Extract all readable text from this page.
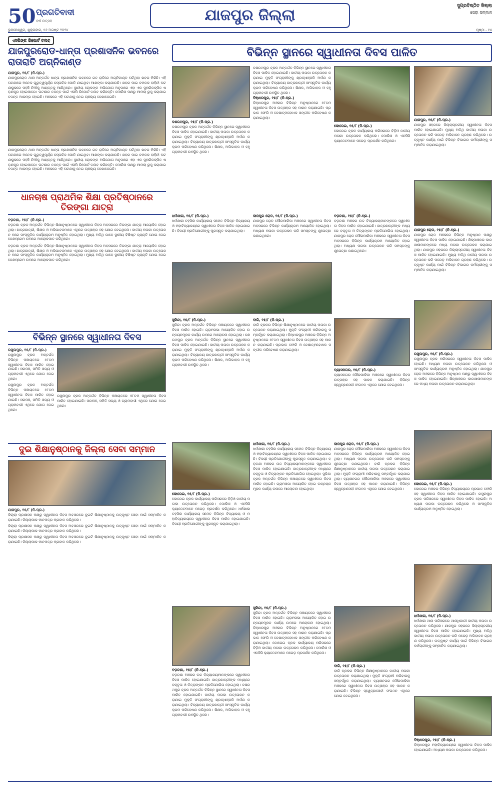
50 ପ୍ରଗତିବାଦୀ
ବର୍ଷ ଉତ୍ସବ	ଯାଜପୁର ଜିଲ୍ଲା	ସୁପ୍ରତିଷ୍ଠିତ ଜିଲ୍ଲା
ସେବା ସମ୍ମାନ
ଭୁବନେଶ୍ୱର, ଶୁକ୍ରବାର, ୧୬ ଅଗଷ୍ଟ ୨୦୨୪	ପୃଷ୍ଠା - ୧୪
ଏସପିଙ୍କ ରିପୋର୍ଟ ତଲବ
ଯାଜପୁରରୋଡ-ଧାନ୍ତା ପ୍ରଶାସନିକ ଭବନରେ ରାତାରାତି ଅଗ୍ନିକାଣ୍ଡ
ଯାଜପୁର, ୧୫/୮ (ନି.ପ୍ର.)

ଯାଜପୁରରୋଡ ଥାନା ଅନ୍ତର୍ଗତ ଧାନ୍ତା ପ୍ରଶାସନିକ ଭବନରେ ଗତ ରାତିରେ ଅଗ୍ନିକାଣ୍ଡ ଘଟିଥିବା ଖବର ମିଳିଛି। ଏହି ଘଟଣାରେ ଅନେକ ଗୁରୁତ୍ୱପୂର୍ଣ୍ଣ ଦସ୍ତାବିଜ ପୋଡି ଯାଇଥିବା ଆଶଙ୍କା କରାଯାଉଛି। ଖବର ପାଇ ଦମକଳ ବାହିନୀ ଘଟଣାସ୍ଥଳରେ ପହଞ୍ଚି ନିଆଁକୁ ଆୟତ୍ତକୁ ଆଣିଥିଲେ। ସ୍ଥାନୀୟ ଲୋକଙ୍କ ଅଭିଯୋଗ ଅନୁସାରେ ଏହା ଏକ ସୁପରିକଳ୍ପିତ ଷଡ଼ଯନ୍ତ୍ର ହୋଇପାରେ। ଘଟଣାର ତଦନ୍ତ ପାଇଁ ଏସପି ରିପୋର୍ଟ ତଲବ କରିଛନ୍ତି। ପୋଲିସ ପକ୍ଷରୁ ମାମଲା ରୁଜୁ କରାଯାଇ ତଦନ୍ତ ଆରମ୍ଭ ହୋଇଛି। ଅଞ୍ଚଳରେ ଏହି ଘଟଣାକୁ ନେଇ ଚାଞ୍ଚଲ୍ୟ ଦେଖାଦେଇଛି।

ଯାଜପୁରରୋଡ ଥାନା ଅନ୍ତର୍ଗତ ଧାନ୍ତା ପ୍ରଶାସନିକ ଭବନରେ ଗତ ରାତିରେ ଅଗ୍ନିକାଣ୍ଡ ଘଟିଥିବା ଖବର ମିଳିଛି। ଏହି ଘଟଣାରେ ଅନେକ ଗୁରୁତ୍ୱପୂର୍ଣ୍ଣ ଦସ୍ତାବିଜ ପୋଡି ଯାଇଥିବା ଆଶଙ୍କା କରାଯାଉଛି। ଖବର ପାଇ ଦମକଳ ବାହିନୀ ଘଟଣାସ୍ଥଳରେ ପହଞ୍ଚି ନିଆଁକୁ ଆୟତ୍ତକୁ ଆଣିଥିଲେ। ସ୍ଥାନୀୟ ଲୋକଙ୍କ ଅଭିଯୋଗ ଅନୁସାରେ ଏହା ଏକ ସୁପରିକଳ୍ପିତ ଷଡ଼ଯନ୍ତ୍ର ହୋଇପାରେ। ଘଟଣାର ତଦନ୍ତ ପାଇଁ ଏସପି ରିପୋର୍ଟ ତଲବ କରିଛନ୍ତି। ପୋଲିସ ପକ୍ଷରୁ ମାମଲା ରୁଜୁ କରାଯାଇ ତଦନ୍ତ ଆରମ୍ଭ ହୋଇଛି। ଅଞ୍ଚଳରେ ଏହି ଘଟଣାକୁ ନେଇ ଚାଞ୍ଚଲ୍ୟ ଦେଖାଦେଇଛି।

ଧାନଚାଷ ପ୍ରାଥମିକ ଶିକ୍ଷା ପ୍ରତିଷ୍ଠାନରେ ତିରଙ୍ଗା ଯାତ୍ରା
ବଡ଼ଚଣା, ୧୫/୮ (ନି.ପ୍ର.)

ବଡ଼ଚଣା ବ୍ଳକ ଅନ୍ତର୍ଗତ ବିଭିନ୍ନ ଶିକ୍ଷାନୁଷ୍ଠାନରେ ସ୍ୱାଧୀନତା ଦିବସ ଅବସରରେ ତିରଙ୍ଗା ଯାତ୍ରା ଆୟୋଜିତ ହୋଇଥିଲା। ଛାତ୍ରଛାତ୍ରୀ, ଶିକ୍ଷକ ଓ ଅଭିଭାବକମାନେ ଏଥିରେ ଉତ୍ସାହର ସହ ଯୋଗ ଦେଇଥିଲେ। ଜାତୀୟ ପତାକା ଉତ୍ତୋଳନ ପରେ ସାଂସ୍କୃତିକ କାର୍ଯ୍ୟକ୍ରମ ଅନୁଷ୍ଠିତ ହୋଇଥିଲା। ମୁଖ୍ୟ ଅତିଥି ଭାବେ ସ୍ଥାନୀୟ ବିଶିଷ୍ଟ ବ୍ୟକ୍ତି ଯୋଗ ଦେଇ ଦେଶପ୍ରେମ ଉପରେ ଆଲୋକପାତ କରିଥିଲେ।

ବଡ଼ଚଣା ବ୍ଳକ ଅନ୍ତର୍ଗତ ବିଭିନ୍ନ ଶିକ୍ଷାନୁଷ୍ଠାନରେ ସ୍ୱାଧୀନତା ଦିବସ ଅବସରରେ ତିରଙ୍ଗା ଯାତ୍ରା ଆୟୋଜିତ ହୋଇଥିଲା। ଛାତ୍ରଛାତ୍ରୀ, ଶିକ୍ଷକ ଓ ଅଭିଭାବକମାନେ ଏଥିରେ ଉତ୍ସାହର ସହ ଯୋଗ ଦେଇଥିଲେ। ଜାତୀୟ ପତାକା ଉତ୍ତୋଳନ ପରେ ସାଂସ୍କୃତିକ କାର୍ଯ୍ୟକ୍ରମ ଅନୁଷ୍ଠିତ ହୋଇଥିଲା। ମୁଖ୍ୟ ଅତିଥି ଭାବେ ସ୍ଥାନୀୟ ବିଶିଷ୍ଟ ବ୍ୟକ୍ତି ଯୋଗ ଦେଇ ଦେଶପ୍ରେମ ଉପରେ ଆଲୋକପାତ କରିଥିଲେ।

ବିଭିନ୍ନ ସ୍ଥାନରେ ସ୍ୱାଧୀନତା ଦିବସ
ରସୁଲପୁର, ୧୫/୮ (ନି.ପ୍ର.)

ରସୁଲପୁର ବ୍ଳକ ଅନ୍ତର୍ଗତ ବିଭିନ୍ନ ପଞ୍ଚାୟତରେ ୭୮ତମ ସ୍ୱାଧୀନତା ଦିବସ ପାଳିତ ହୋଇଯାଇଛି। ସରପଞ୍ଚ, ସମିତି ସଭ୍ୟ ଓ ଗ୍ରାମବାସୀ ଏଥିରେ ଯୋଗ ଦେଇଥିଲେ।

ରସୁଲପୁର ବ୍ଳକ ଅନ୍ତର୍ଗତ ବିଭିନ୍ନ ପଞ୍ଚାୟତରେ ୭୮ତମ ସ୍ୱାଧୀନତା ଦିବସ ପାଳିତ ହୋଇଯାଇଛି। ସରପଞ୍ଚ, ସମିତି ସଭ୍ୟ ଓ ଗ୍ରାମବାସୀ ଏଥିରେ ଯୋଗ ଦେଇଥିଲେ।

ରସୁଲପୁର ବ୍ଳକ ଅନ୍ତର୍ଗତ ବିଭିନ୍ନ ପଞ୍ଚାୟତରେ ୭୮ତମ ସ୍ୱାଧୀନତା ଦିବସ ପାଳିତ ହୋଇଯାଇଛି। ସରପଞ୍ଚ, ସମିତି ସଭ୍ୟ ଓ ଗ୍ରାମବାସୀ ଏଥିରେ ଯୋଗ ଦେଇଥିଲେ।

ଦୁଇ ଶିକ୍ଷାନୁଷ୍ଠାନକୁ ଜିଲ୍ଲା ସେବା ସମ୍ମାନ
ଯାଜପୁର, ୧୫/୮ (ନି.ପ୍ର.)

ଜିଲ୍ଲା ପ୍ରଶାସନ ପକ୍ଷରୁ ସ୍ୱାଧୀନତା ଦିବସ ଅବସରରେ ଦୁଇଟି ଶିକ୍ଷାନୁଷ୍ଠାନକୁ ଉତ୍କୃଷ୍ଟ ସେବା ପାଇଁ ସମ୍ମାନିତ କରାଯାଇଛି। ଜିଲ୍ଲାପାଳ ମାନପତ୍ର ପ୍ରଦାନ କରିଥିଲେ।

ଜିଲ୍ଲା ପ୍ରଶାସନ ପକ୍ଷରୁ ସ୍ୱାଧୀନତା ଦିବସ ଅବସରରେ ଦୁଇଟି ଶିକ୍ଷାନୁଷ୍ଠାନକୁ ଉତ୍କୃଷ୍ଟ ସେବା ପାଇଁ ସମ୍ମାନିତ କରାଯାଇଛି। ଜିଲ୍ଲାପାଳ ମାନପତ୍ର ପ୍ରଦାନ କରିଥିଲେ।

ଜିଲ୍ଲା ପ୍ରଶାସନ ପକ୍ଷରୁ ସ୍ୱାଧୀନତା ଦିବସ ଅବସରରେ ଦୁଇଟି ଶିକ୍ଷାନୁଷ୍ଠାନକୁ ଉତ୍କୃଷ୍ଟ ସେବା ପାଇଁ ସମ୍ମାନିତ କରାଯାଇଛି। ଜିଲ୍ଲାପାଳ ମାନପତ୍ର ପ୍ରଦାନ କରିଥିଲେ।

ବିଭିନ୍ନ ସ୍ଥାନରେ ସ୍ୱାଧୀନତା ଦିବସ ପାଳିତ
ଦଶରଥପୁର, ୧୫/୮ (ନି.ପ୍ର.)
ଦଶରଥପୁର ବ୍ଳକ ଅନ୍ତର୍ଗତ ବିଭିନ୍ନ ସ୍ଥାନରେ ସ୍ୱାଧୀନତା ଦିବସ ପାଳିତ ହୋଇଯାଇଛି। ଜାତୀୟ ପତାକା ଉତ୍ତୋଳନ କରାଯାଇ ମୁକ୍ତି ସଂଗ୍ରାମୀଙ୍କୁ ଶ୍ରଦ୍ଧାଞ୍ଜଳି ଅର୍ପଣ କରାଯାଇଥିଲା। ବିଦ୍ୟାଳୟ ଛାତ୍ରଛାତ୍ରୀ ସାଂସ୍କୃତିକ କାର୍ଯ୍ୟକ୍ରମ ପରିବେଷଣ କରିଥିଲେ। ଶିକ୍ଷକ, ଅଭିଭାବକ ଓ ବହୁ ଗ୍ରାମବାସୀ ଉପସ୍ଥିତ ଥିଲେ।
ଦଶରଥପୁର ବ୍ଳକ ଅନ୍ତର୍ଗତ ବିଭିନ୍ନ ସ୍ଥାନରେ ସ୍ୱାଧୀନତା ଦିବସ ପାଳିତ ହୋଇଯାଇଛି। ଜାତୀୟ ପତାକା ଉତ୍ତୋଳନ କରାଯାଇ ମୁକ୍ତି ସଂଗ୍ରାମୀଙ୍କୁ ଶ୍ରଦ୍ଧାଞ୍ଜଳି ଅର୍ପଣ କରାଯାଇଥିଲା। ବିଦ୍ୟାଳୟ ଛାତ୍ରଛାତ୍ରୀ ସାଂସ୍କୃତିକ କାର୍ଯ୍ୟକ୍ରମ ପରିବେଷଣ କରିଥିଲେ। ଶିକ୍ଷକ, ଅଭିଭାବକ ଓ ବହୁ ଗ୍ରାମବାସୀ ଉପସ୍ଥିତ ଥିଲେ।
ବିଞ୍ଝାରପୁର, ୧୫/୮ (ନି.ପ୍ର.)
ବିଞ୍ଝାରପୁର ଅଞ୍ଚଳର ବିଭିନ୍ନ ଅନୁଷ୍ଠାନରେ ୭୮ତମ ସ୍ୱାଧୀନତା ଦିବସ ଉତ୍ସାହର ସହ ପାଳନ କରାଯାଇଛି। ପ୍ରଭାତ ଫେରି ଓ ଦେଶାତ୍ମବୋଧକ ସଙ୍ଗୀତ ପରିବେଷଣ କରାଯାଇଥିଲା।
କୋରେଇ, ୧୫/୮ (ନି.ପ୍ର.)
କୋରେଇ ବ୍ଳକ କାର୍ଯ୍ୟାଳୟ ପରିସରରେ ବିଡ଼ିଓ ଜାତୀୟ ପତାକା ଉତ୍ତୋଳନ କରିଥିଲେ। ପୋଲିସ ଓ ଏନସିସି କ୍ୟାଡେଟମାନେ ପରେଡ଼ ପ୍ରଦର୍ଶନ କରିଥିଲେ।
ଧର୍ମଶାଳା, ୧୫/୮ (ନି.ପ୍ର.)
ଧର୍ମଶାଳା ତହସିଲ କାର୍ଯ୍ୟାଳୟ ସମେତ ବିଭିନ୍ନ ବିଦ୍ୟାଳୟ ଓ ମହାବିଦ୍ୟାଳୟରେ ସ୍ୱାଧୀନତା ଦିବସ ପାଳିତ ହୋଇଯାଇଛି। ବିଜୟୀ ପ୍ରତିଯୋଗୀଙ୍କୁ ପୁରସ୍କୃତ କରାଯାଇଥିଲା।
ଜାଜପୁର ରୋଡ, ୧୫/୮ (ନି.ପ୍ର.)
ଯାଜପୁର ରୋଡ ପୌରପାଳିକା ଅଞ୍ଚଳରେ ସ୍ୱାଧୀନତା ଦିବସ ଅବସରରେ ବିଭିନ୍ନ କାର୍ଯ୍ୟକ୍ରମ ଆୟୋଜିତ ହୋଇଥିଲା। ଅଧ୍ୟକ୍ଷ ପତାକା ଉତ୍ତୋଳନ କରି ସମସ୍ତଙ୍କୁ ଶୁଭେଚ୍ଛା ଜଣାଇଥିଲେ।
ବଡ଼ଚଣା, ୧୫/୮ (ନି.ପ୍ର.)
ବଡ଼ଚଣା ଅଞ୍ଚଳର ଉଚ୍ଚ ବିଦ୍ୟାଳୟମାନଙ୍କରେ ସ୍ୱାଧୀନତା ଦିବସ ପାଳିତ ହୋଇଯାଇଛି। ଛାତ୍ରଛାତ୍ରୀଙ୍କ ମଧ୍ୟରେ ବକ୍ତୃତା ଓ ଚିତ୍ରାଙ୍କନ ପ୍ରତିଯୋଗିତା ହୋଇଥିଲା। ଯାଜପୁର ରୋଡ ପୌରପାଳିକା ଅଞ୍ଚଳରେ ସ୍ୱାଧୀନତା ଦିବସ ଅବସରରେ ବିଭିନ୍ନ କାର୍ଯ୍ୟକ୍ରମ ଆୟୋଜିତ ହୋଇଥିଲା। ଅଧ୍ୟକ୍ଷ ପତାକା ଉତ୍ତୋଳନ କରି ସମସ୍ତଙ୍କୁ ଶୁଭେଚ୍ଛା ଜଣାଇଥିଲେ।
ସୁକିନ୍ଦା, ୧୫/୮ (ନି.ପ୍ର.)
ସୁକିନ୍ଦା ବ୍ଳକ ଅନ୍ତର୍ଗତ ବିଭିନ୍ନ ପଞ୍ଚାୟତରେ ସ୍ୱାଧୀନତା ଦିବସ ପାଳିତ ହୋଇଛି। ଗ୍ରାମସଭା ଆୟୋଜିତ ହୋଇ ଉନ୍ନୟନମୂଳକ କାର୍ଯ୍ୟ ଉପରେ ଆଲୋଚନା ହୋଇଥିଲା। ଦଶରଥପୁର ବ୍ଳକ ଅନ୍ତର୍ଗତ ବିଭିନ୍ନ ସ୍ଥାନରେ ସ୍ୱାଧୀନତା ଦିବସ ପାଳିତ ହୋଇଯାଇଛି। ଜାତୀୟ ପତାକା ଉତ୍ତୋଳନ କରାଯାଇ ମୁକ୍ତି ସଂଗ୍ରାମୀଙ୍କୁ ଶ୍ରଦ୍ଧାଞ୍ଜଳି ଅର୍ପଣ କରାଯାଇଥିଲା। ବିଦ୍ୟାଳୟ ଛାତ୍ରଛାତ୍ରୀ ସାଂସ୍କୃତିକ କାର୍ଯ୍ୟକ୍ରମ ପରିବେଷଣ କରିଥିଲେ। ଶିକ୍ଷକ, ଅଭିଭାବକ ଓ ବହୁ ଗ୍ରାମବାସୀ ଉପସ୍ଥିତ ଥିଲେ।
ବାରି, ୧୫/୮ (ନି.ପ୍ର.)
ବାରି ବ୍ଳକର ବିଭିନ୍ନ ଶିକ୍ଷାନୁଷ୍ଠାନରେ ଜାତୀୟ ପତାକା ଉତ୍ତୋଳନ କରାଯାଇଥିଲା। ମୁକ୍ତି ସଂଗ୍ରାମୀ ପରିବାରକୁ ସମ୍ବର୍ଦ୍ଧିତ କରାଯାଇଥିଲା। ବିଞ୍ଝାରପୁର ଅଞ୍ଚଳର ବିଭିନ୍ନ ଅନୁଷ୍ଠାନରେ ୭୮ତମ ସ୍ୱାଧୀନତା ଦିବସ ଉତ୍ସାହର ସହ ପାଳନ କରାଯାଇଛି। ପ୍ରଭାତ ଫେରି ଓ ଦେଶାତ୍ମବୋଧକ ସଙ୍ଗୀତ ପରିବେଷଣ କରାଯାଇଥିଲା।
ବ୍ୟାସନଗର, ୧୫/୮ (ନି.ପ୍ର.)
ବ୍ୟାସନଗର ପୌରପାଳିକା ଅଞ୍ଚଳରେ ସ୍ୱାଧୀନତା ଦିବସ ଉତ୍ସାହର ସହ ପାଳନ କରାଯାଇଛି। ବିଭିନ୍ନ ସ୍ୱେଚ୍ଛାସେବୀ ସଂଗଠନ ଏଥିରେ ଯୋଗ ଦେଇଥିଲେ।
କୋରେଇ, ୧୫/୮ (ନି.ପ୍ର.)
କୋରେଇ ବ୍ଳକ କାର୍ଯ୍ୟାଳୟ ପରିସରରେ ବିଡ଼ିଓ ଜାତୀୟ ପତାକା ଉତ୍ତୋଳନ କରିଥିଲେ। ପୋଲିସ ଓ ଏନସିସି କ୍ୟାଡେଟମାନେ ପରେଡ଼ ପ୍ରଦର୍ଶନ କରିଥିଲେ। ଧର୍ମଶାଳା ତହସିଲ କାର୍ଯ୍ୟାଳୟ ସମେତ ବିଭିନ୍ନ ବିଦ୍ୟାଳୟ ଓ ମହାବିଦ୍ୟାଳୟରେ ସ୍ୱାଧୀନତା ଦିବସ ପାଳିତ ହୋଇଯାଇଛି। ବିଜୟୀ ପ୍ରତିଯୋଗୀଙ୍କୁ ପୁରସ୍କୃତ କରାଯାଇଥିଲା।
ଧର୍ମଶାଳା, ୧୫/୮ (ନି.ପ୍ର.)
ଧର୍ମଶାଳା ତହସିଲ କାର୍ଯ୍ୟାଳୟ ସମେତ ବିଭିନ୍ନ ବିଦ୍ୟାଳୟ ଓ ମହାବିଦ୍ୟାଳୟରେ ସ୍ୱାଧୀନତା ଦିବସ ପାଳିତ ହୋଇଯାଇଛି। ବିଜୟୀ ପ୍ରତିଯୋଗୀଙ୍କୁ ପୁରସ୍କୃତ କରାଯାଇଥିଲା। ବଡ଼ଚଣା ଅଞ୍ଚଳର ଉଚ୍ଚ ବିଦ୍ୟାଳୟମାନଙ୍କରେ ସ୍ୱାଧୀନତା ଦିବସ ପାଳିତ ହୋଇଯାଇଛି। ଛାତ୍ରଛାତ୍ରୀଙ୍କ ମଧ୍ୟରେ ବକ୍ତୃତା ଓ ଚିତ୍ରାଙ୍କନ ପ୍ରତିଯୋଗିତା ହୋଇଥିଲା। ସୁକିନ୍ଦା ବ୍ଳକ ଅନ୍ତର୍ଗତ ବିଭିନ୍ନ ପଞ୍ଚାୟତରେ ସ୍ୱାଧୀନତା ଦିବସ ପାଳିତ ହୋଇଛି। ଗ୍ରାମସଭା ଆୟୋଜିତ ହୋଇ ଉନ୍ନୟନମୂଳକ କାର୍ଯ୍ୟ ଉପରେ ଆଲୋଚନା ହୋଇଥିଲା।
ଜାଜପୁର ରୋଡ, ୧୫/୮ (ନି.ପ୍ର.)
ଯାଜପୁର ରୋଡ ପୌରପାଳିକା ଅଞ୍ଚଳରେ ସ୍ୱାଧୀନତା ଦିବସ ଅବସରରେ ବିଭିନ୍ନ କାର୍ଯ୍ୟକ୍ରମ ଆୟୋଜିତ ହୋଇଥିଲା। ଅଧ୍ୟକ୍ଷ ପତାକା ଉତ୍ତୋଳନ କରି ସମସ୍ତଙ୍କୁ ଶୁଭେଚ୍ଛା ଜଣାଇଥିଲେ। ବାରି ବ୍ଳକର ବିଭିନ୍ନ ଶିକ୍ଷାନୁଷ୍ଠାନରେ ଜାତୀୟ ପତାକା ଉତ୍ତୋଳନ କରାଯାଇଥିଲା। ମୁକ୍ତି ସଂଗ୍ରାମୀ ପରିବାରକୁ ସମ୍ବର୍ଦ୍ଧିତ କରାଯାଇଥିଲା। ବ୍ୟାସନଗର ପୌରପାଳିକା ଅଞ୍ଚଳରେ ସ୍ୱାଧୀନତା ଦିବସ ଉତ୍ସାହର ସହ ପାଳନ କରାଯାଇଛି। ବିଭିନ୍ନ ସ୍ୱେଚ୍ଛାସେବୀ ସଂଗଠନ ଏଥିରେ ଯୋଗ ଦେଇଥିଲେ।
ବଡ଼ଚଣା, ୧୫/୮ (ନି.ପ୍ର.)
ବଡ଼ଚଣା ଅଞ୍ଚଳର ଉଚ୍ଚ ବିଦ୍ୟାଳୟମାନଙ୍କରେ ସ୍ୱାଧୀନତା ଦିବସ ପାଳିତ ହୋଇଯାଇଛି। ଛାତ୍ରଛାତ୍ରୀଙ୍କ ମଧ୍ୟରେ ବକ୍ତୃତା ଓ ଚିତ୍ରାଙ୍କନ ପ୍ରତିଯୋଗିତା ହୋଇଥିଲା। ଦଶରଥପୁର ବ୍ଳକ ଅନ୍ତର୍ଗତ ବିଭିନ୍ନ ସ୍ଥାନରେ ସ୍ୱାଧୀନତା ଦିବସ ପାଳିତ ହୋଇଯାଇଛି। ଜାତୀୟ ପତାକା ଉତ୍ତୋଳନ କରାଯାଇ ମୁକ୍ତି ସଂଗ୍ରାମୀଙ୍କୁ ଶ୍ରଦ୍ଧାଞ୍ଜଳି ଅର୍ପଣ କରାଯାଇଥିଲା। ବିଦ୍ୟାଳୟ ଛାତ୍ରଛାତ୍ରୀ ସାଂସ୍କୃତିକ କାର୍ଯ୍ୟକ୍ରମ ପରିବେଷଣ କରିଥିଲେ। ଶିକ୍ଷକ, ଅଭିଭାବକ ଓ ବହୁ ଗ୍ରାମବାସୀ ଉପସ୍ଥିତ ଥିଲେ।
ସୁକିନ୍ଦା, ୧୫/୮ (ନି.ପ୍ର.)
ସୁକିନ୍ଦା ବ୍ଳକ ଅନ୍ତର୍ଗତ ବିଭିନ୍ନ ପଞ୍ଚାୟତରେ ସ୍ୱାଧୀନତା ଦିବସ ପାଳିତ ହୋଇଛି। ଗ୍ରାମସଭା ଆୟୋଜିତ ହୋଇ ଉନ୍ନୟନମୂଳକ କାର୍ଯ୍ୟ ଉପରେ ଆଲୋଚନା ହୋଇଥିଲା। ବିଞ୍ଝାରପୁର ଅଞ୍ଚଳର ବିଭିନ୍ନ ଅନୁଷ୍ଠାନରେ ୭୮ତମ ସ୍ୱାଧୀନତା ଦିବସ ଉତ୍ସାହର ସହ ପାଳନ କରାଯାଇଛି। ପ୍ରଭାତ ଫେରି ଓ ଦେଶାତ୍ମବୋଧକ ସଙ୍ଗୀତ ପରିବେଷଣ କରାଯାଇଥିଲା। କୋରେଇ ବ୍ଳକ କାର୍ଯ୍ୟାଳୟ ପରିସରରେ ବିଡ଼ିଓ ଜାତୀୟ ପତାକା ଉତ୍ତୋଳନ କରିଥିଲେ। ପୋଲିସ ଓ ଏନସିସି କ୍ୟାଡେଟମାନେ ପରେଡ଼ ପ୍ରଦର୍ଶନ କରିଥିଲେ।
ବାରି, ୧୫/୮ (ନି.ପ୍ର.)
ବାରି ବ୍ଳକର ବିଭିନ୍ନ ଶିକ୍ଷାନୁଷ୍ଠାନରେ ଜାତୀୟ ପତାକା ଉତ୍ତୋଳନ କରାଯାଇଥିଲା। ମୁକ୍ତି ସଂଗ୍ରାମୀ ପରିବାରକୁ ସମ୍ବର୍ଦ୍ଧିତ କରାଯାଇଥିଲା। ବ୍ୟାସନଗର ପୌରପାଳିକା ଅଞ୍ଚଳରେ ସ୍ୱାଧୀନତା ଦିବସ ଉତ୍ସାହର ସହ ପାଳନ କରାଯାଇଛି। ବିଭିନ୍ନ ସ୍ୱେଚ୍ଛାସେବୀ ସଂଗଠନ ଏଥିରେ ଯୋଗ ଦେଇଥିଲେ।
ଯାଜପୁର, ୧୫/୮ (ନି.ପ୍ର.)
ଯାଜପୁର ସହରରେ ଜିଲ୍ଲାସ୍ତରୀୟ ସ୍ୱାଧୀନତା ଦିବସ ପାଳିତ ହୋଇଯାଇଛି। ମୁଖ୍ୟ ଅତିଥି ଜାତୀୟ ପତାକା ଉତ୍ତୋଳନ କରି ପରେଡ଼ ଅଭିବାଦନ ଗ୍ରହଣ କରିଥିଲେ। ଉତ୍କୃଷ୍ଟ କାର୍ଯ୍ୟ ପାଇଁ ବିଭିନ୍ନ ବିଭାଗର କର୍ମଚାରୀଙ୍କୁ ସମ୍ମାନିତ କରାଯାଇଥିଲା।
ଯାଜପୁର ରୋଡ, ୧୫/୮ (ନି.ପ୍ର.)
ଯାଜପୁର ରୋଡ ଅଞ୍ଚଳରେ ବିଭିନ୍ନ ଅନୁଷ୍ଠାନ ପକ୍ଷରୁ ସ୍ୱାଧୀନତା ଦିବସ ପାଳିତ ହୋଇଯାଇଛି। ଶିଳ୍ପାଞ୍ଚଳର କାରଖାନାମାନଙ୍କରେ ମଧ୍ୟ ପତାକା ଉତ୍ତୋଳନ କରାଯାଇଥିଲା। ଯାଜପୁର ସହରରେ ଜିଲ୍ଲାସ୍ତରୀୟ ସ୍ୱାଧୀନତା ଦିବସ ପାଳିତ ହୋଇଯାଇଛି। ମୁଖ୍ୟ ଅତିଥି ଜାତୀୟ ପତାକା ଉତ୍ତୋଳନ କରି ପରେଡ଼ ଅଭିବାଦନ ଗ୍ରହଣ କରିଥିଲେ। ଉତ୍କୃଷ୍ଟ କାର୍ଯ୍ୟ ପାଇଁ ବିଭିନ୍ନ ବିଭାଗର କର୍ମଚାରୀଙ୍କୁ ସମ୍ମାନିତ କରାଯାଇଥିଲା।
ରସୁଲପୁର, ୧୫/୮ (ନି.ପ୍ର.)
ରସୁଲପୁର ବ୍ଳକ ପରିସରରେ ସ୍ୱାଧୀନତା ଦିବସ ପାଳିତ ହୋଇଛି। ଅଧ୍ୟକ୍ଷ ପତାକା ଉତ୍ତୋଳନ କରିଥିଲେ ଓ ସାଂସ୍କୃତିକ କାର୍ଯ୍ୟକ୍ରମ ଅନୁଷ୍ଠିତ ହୋଇଥିଲା। ଯାଜପୁର ରୋଡ ଅଞ୍ଚଳରେ ବିଭିନ୍ନ ଅନୁଷ୍ଠାନ ପକ୍ଷରୁ ସ୍ୱାଧୀନତା ଦିବସ ପାଳିତ ହୋଇଯାଇଛି। ଶିଳ୍ପାଞ୍ଚଳର କାରଖାନାମାନଙ୍କରେ ମଧ୍ୟ ପତାକା ଉତ୍ତୋଳନ କରାଯାଇଥିଲା।
କୋରେଇ, ୧୫/୮ (ନି.ପ୍ର.)
କୋରେଇ ଅଞ୍ଚଳର ବିଭିନ୍ନ ବିଦ୍ୟାଳୟରେ ପ୍ରଭାତ ଫେରି ସହ ସ୍ୱାଧୀନତା ଦିବସ ପାଳିତ ହୋଇଯାଇଛି। ରସୁଲପୁର ବ୍ଳକ ପରିସରରେ ସ୍ୱାଧୀନତା ଦିବସ ପାଳିତ ହୋଇଛି। ଅଧ୍ୟକ୍ଷ ପତାକା ଉତ୍ତୋଳନ କରିଥିଲେ ଓ ସାଂସ୍କୃତିକ କାର୍ଯ୍ୟକ୍ରମ ଅନୁଷ୍ଠିତ ହୋଇଥିଲା।
ଧର୍ମଶାଳା, ୧୫/୮ (ନି.ପ୍ର.)
ଧର୍ମଶାଳା ଥାନା ପରିସରରେ ଥାନାଧିକାରୀ ଜାତୀୟ ପତାକା ଉତ୍ତୋଳନ କରିଥିଲେ। ଯାଜପୁର ସହରରେ ଜିଲ୍ଲାସ୍ତରୀୟ ସ୍ୱାଧୀନତା ଦିବସ ପାଳିତ ହୋଇଯାଇଛି। ମୁଖ୍ୟ ଅତିଥି ଜାତୀୟ ପତାକା ଉତ୍ତୋଳନ କରି ପରେଡ଼ ଅଭିବାଦନ ଗ୍ରହଣ କରିଥିଲେ। ଉତ୍କୃଷ୍ଟ କାର୍ଯ୍ୟ ପାଇଁ ବିଭିନ୍ନ ବିଭାଗର କର୍ମଚାରୀଙ୍କୁ ସମ୍ମାନିତ କରାଯାଇଥିଲା।
ବିଞ୍ଝାରପୁର, ୧୫/୮ (ନି.ପ୍ର.)
ବିଞ୍ଝାରପୁର ମହାବିଦ୍ୟାଳୟରେ ସ୍ୱାଧୀନତା ଦିବସ ପାଳିତ ହୋଇଯାଇଛି। ଅଧ୍ୟକ୍ଷ ପତାକା ଉତ୍ତୋଳନ କରିଥିଲେ।
